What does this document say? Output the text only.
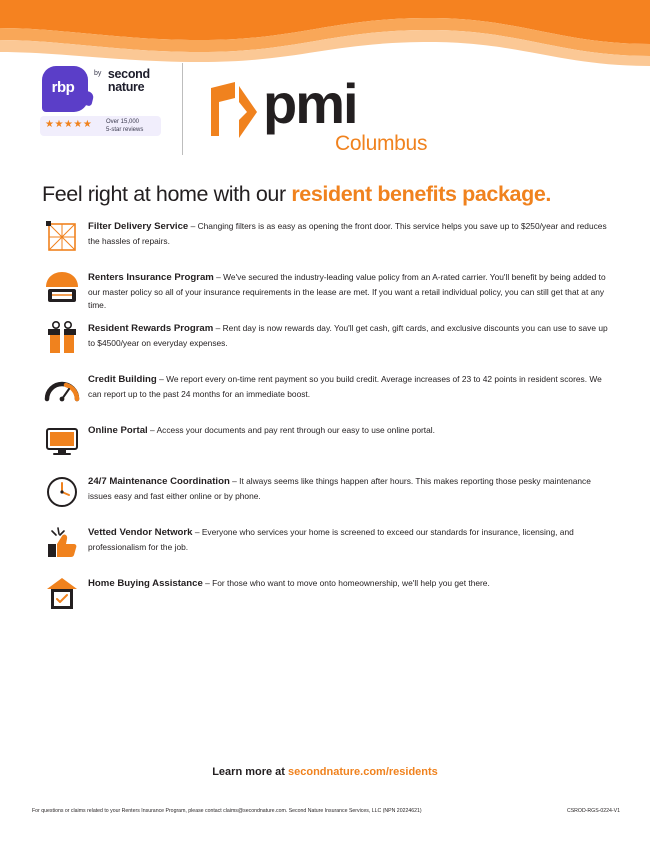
rbp
by second
nature
★★★★★ Over 15,000
5-star reviews pmi
Columbus
Feel right at home with our resident benefits package.
Filter Delivery Service – Changing filters is as easy as opening the front door. This service helps you save up to $250/year and reduces the hassles of repairs.
Renters Insurance Program – We've secured the industry-leading value policy from an A-rated carrier. You'll benefit by being added to our master policy so all of your insurance requirements in the lease are met. If you want a retail individual policy, you can still get that at any time.
Resident Rewards Program – Rent day is now rewards day. You'll get cash, gift cards, and exclusive discounts you can use to save up to $4500/year on everyday expenses.
Credit Building – We report every on-time rent payment so you build credit. Average increases of 23 to 42 points in resident scores. We can report up to the past 24 months for an immediate boost.
Online Portal – Access your documents and pay rent through our easy to use online portal.
24/7 Maintenance Coordination – It always seems like things happen after hours. This makes reporting those pesky maintenance issues easy and fast either online or by phone.
Vetted Vendor Network – Everyone who services your home is screened to exceed our standards for insurance, licensing, and professionalism for the job.
Home Buying Assistance – For those who want to move onto homeownership, we'll help you get there.
Learn more at secondnature.com/residents
For questions or claims related to your Renters Insurance Program, please contact claims@secondnature.com. Second Nature Insurance Services, LLC (NPN 20224621)	CSROD-RGS-0224-V1
